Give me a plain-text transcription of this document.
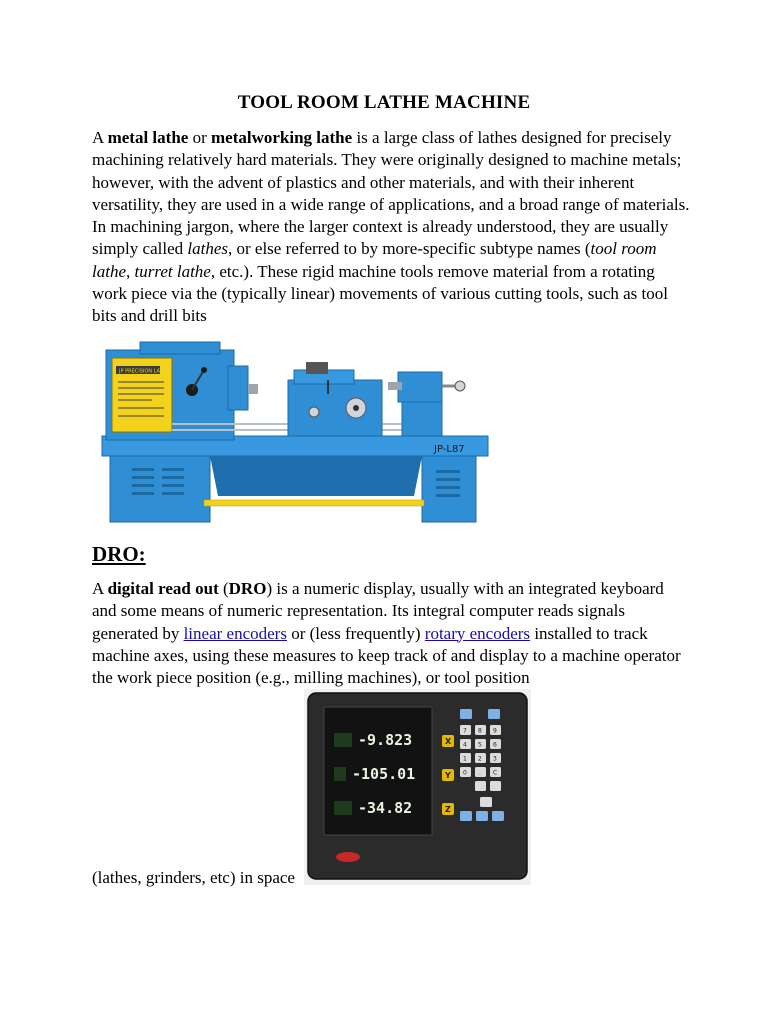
TOOL ROOM LATHE MACHINE

A metal lathe or metalworking lathe is a large class of lathes designed for precisely machining relatively hard materials. They were originally designed to machine metals; however, with the advent of plastics and other materials, and with their inherent versatility, they are used in a wide range of applications, and a broad range of materials. In machining jargon, where the larger context is already understood, they are usually simply called lathes, or else referred to by more-specific subtype names (tool room lathe, turret lathe, etc.). These rigid machine tools remove material from a rotating work piece via the (typically linear) movements of various cutting tools, such as tool bits and drill bits

JP PRECISION LATHE
JP-L87
DRO:

A digital read out (DRO) is a numeric display, usually with an integrated keyboard and some means of numeric representation. Its integral computer reads signals generated by linear encoders or (less frequently) rotary encoders installed to track machine axes, using these measures to keep track of and display to a machine operator the work piece position (e.g., milling machines), or tool position

-9.823
-105.01
-34.82
X
Y
Z
7 8 9
4 5 6
1 2 3
0 . C

(lathes, grinders, etc) in space
